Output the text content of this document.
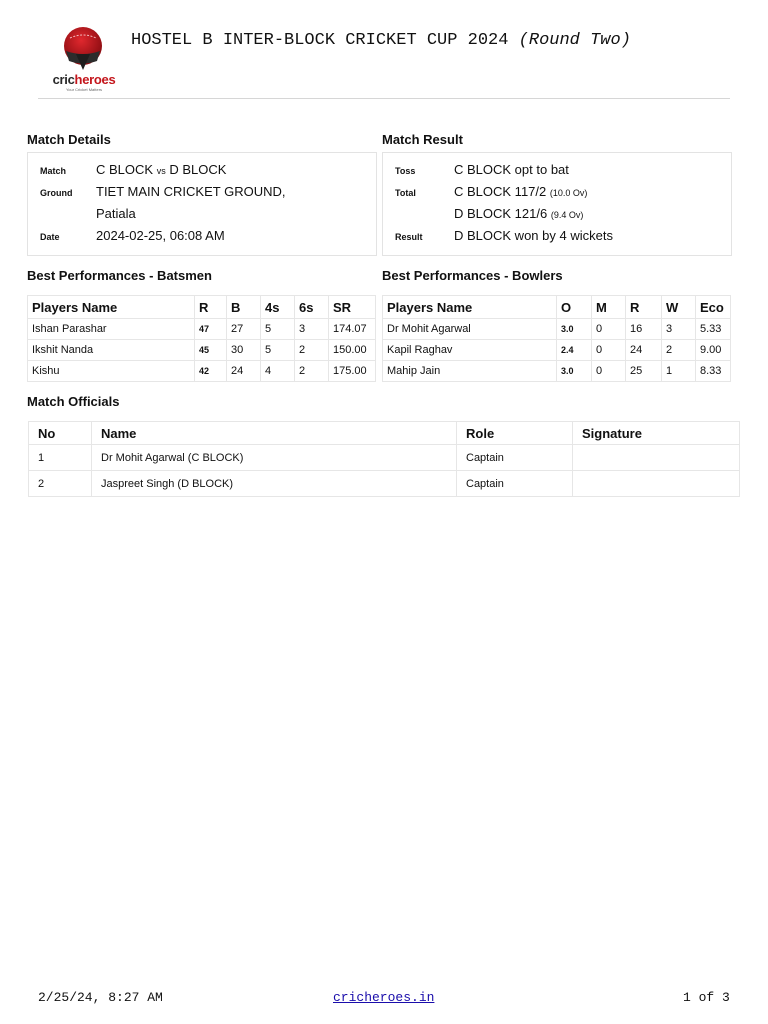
cricheroes
Your Cricket Matters
HOSTEL B INTER-BLOCK CRICKET CUP 2024 (Round Two)
Match Details
Match C BLOCK vs D BLOCK
Ground TIET MAIN CRICKET GROUND,
Patiala
Date	2024-02-25, 06:08 AM
Match Result
Toss	C BLOCK opt to bat
Total	C BLOCK 117/2 (10.0 Ov)
D BLOCK 121/6 (9.4 Ov)
Result D BLOCK won by 4 wickets
Best Performances - Batsmen
Players Name	R	B	4s	6s	SR
Ishan Parashar	47	27	5	3	174.07
Ikshit Nanda	45	30	5	2	150.00
Kishu	42	24	4	2	175.00
Best Performances - Bowlers
Players Name	O	M	R	W	Eco
Dr Mohit Agarwal	3.0	0	16	3	5.33
Kapil Raghav	2.4	0	24	2	9.00
Mahip Jain	3.0	0	25	1	8.33
Match Officials
No	Name	Role	Signature
1	Dr Mohit Agarwal (C BLOCK)	Captain	
2	Jaspreet Singh (D BLOCK)	Captain	
2/25/24, 8:27 AM	cricheroes.in	1 of 3
